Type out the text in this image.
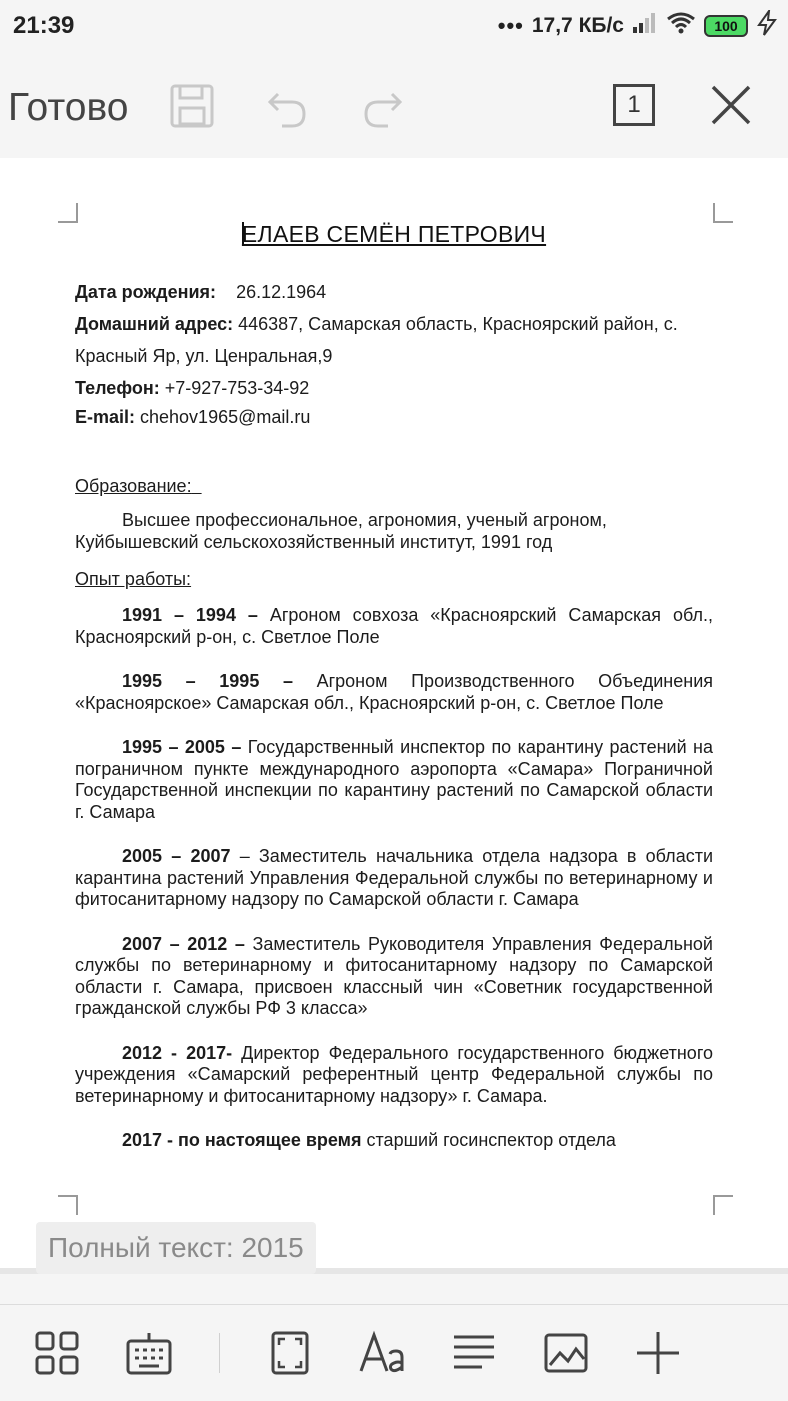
21:39	••• 17,7 КБ/с	100
Готово	1

ЕЛАЕВ СЕМЁН ПЕТРОВИЧ

Дата рождения: 26.12.1964

Домашний адрес: 446387, Самарская область, Красноярский район, с.

Красный Яр, ул. Ценральная,9

Телефон: +7-927-753-34-92

E-mail: chehov1965@mail.ru

Образование:

Высшее профессиональное, агрономия, ученый агроном, Куйбышевский сельскохозяйственный институт, 1991 год

Опыт работы:

1991 – 1994 – Агроном совхоза «Красноярский Самарская обл., Красноярский р-он, с. Светлое Поле

1995 – 1995 – Агроном Производственного Объединения «Красноярское» Самарская обл., Красноярский р-он, с. Светлое Поле

1995 – 2005 – Государственный инспектор по карантину растений на пограничном пункте международного аэропорта «Самара» Пограничной Государственной инспекции по карантину растений по Самарской области г. Самара

2005 – 2007 – Заместитель начальника отдела надзора в области карантина растений Управления Федеральной службы по ветеринарному и фитосанитарному надзору по Самарской области г. Самара

2007 – 2012 – Заместитель Руководителя Управления Федеральной службы по ветеринарному и фитосанитарному надзору по Самарской области г. Самара, присвоен классный чин «Советник государственной гражданской службы РФ 3 класса»

2012 - 2017- Директор Федерального государственного бюджетного учреждения «Самарский референтный центр Федеральной службы по ветеринарному и фитосанитарному надзору» г. Самара.

2017 - по настоящее время старший госинспектор отдела

Полный текст: 2015
